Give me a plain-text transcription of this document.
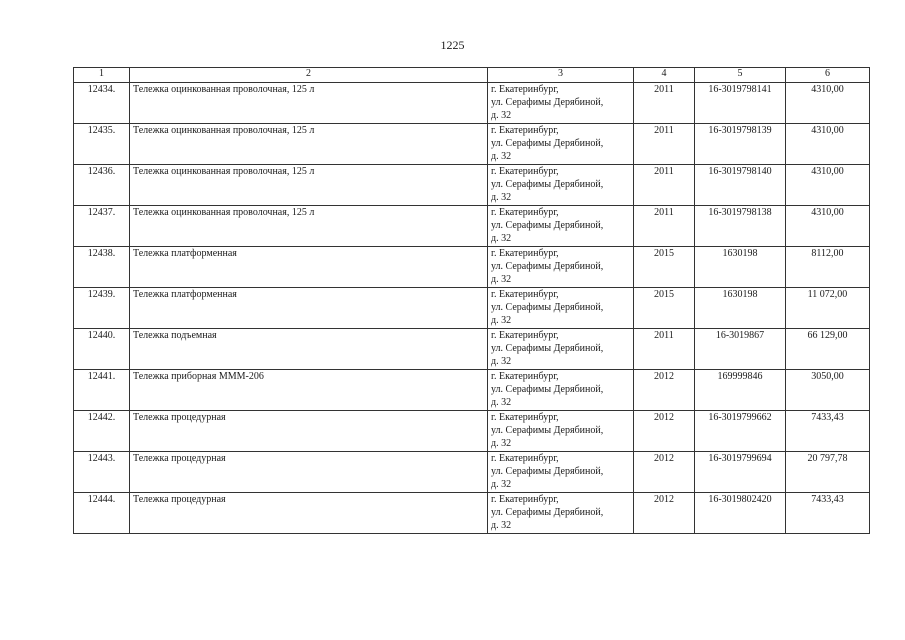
1225
1	2	3	4	5	6
12434.	Тележка оцинкованная проволочная, 125 л	г. Екатеринбург,
ул. Серафимы Дерябиной,
д. 32	2011	16-3019798141	4310,00
12435.	Тележка оцинкованная проволочная, 125 л	г. Екатеринбург,
ул. Серафимы Дерябиной,
д. 32	2011	16-3019798139	4310,00
12436.	Тележка оцинкованная проволочная, 125 л	г. Екатеринбург,
ул. Серафимы Дерябиной,
д. 32	2011	16-3019798140	4310,00
12437.	Тележка оцинкованная проволочная, 125 л	г. Екатеринбург,
ул. Серафимы Дерябиной,
д. 32	2011	16-3019798138	4310,00
12438.	Тележка платформенная	г. Екатеринбург,
ул. Серафимы Дерябиной,
д. 32	2015	1630198	8112,00
12439.	Тележка платформенная	г. Екатеринбург,
ул. Серафимы Дерябиной,
д. 32	2015	1630198	11 072,00
12440.	Тележка подъемная	г. Екатеринбург,
ул. Серафимы Дерябиной,
д. 32	2011	16-3019867	66 129,00
12441.	Тележка приборная МММ-206	г. Екатеринбург,
ул. Серафимы Дерябиной,
д. 32	2012	169999846	3050,00
12442.	Тележка процедурная	г. Екатеринбург,
ул. Серафимы Дерябиной,
д. 32	2012	16-3019799662	7433,43
12443.	Тележка процедурная	г. Екатеринбург,
ул. Серафимы Дерябиной,
д. 32	2012	16-3019799694	20 797,78
12444.	Тележка процедурная	г. Екатеринбург,
ул. Серафимы Дерябиной,
д. 32	2012	16-3019802420	7433,43
